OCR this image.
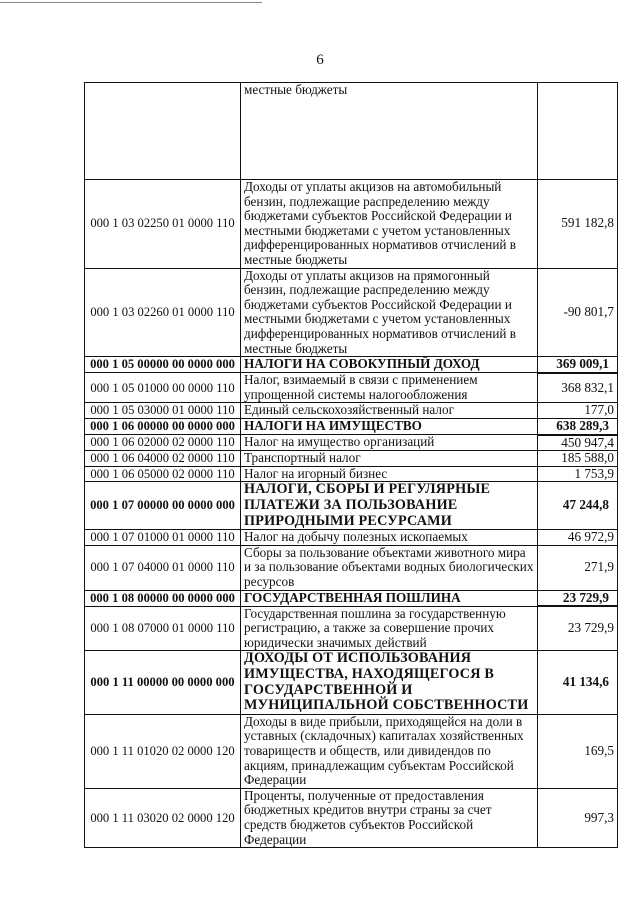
6
	местные бюджеты	
000 1 03 02250 01 0000 110	Доходы от уплаты акцизов на автомобильный бензин, подлежащие распределению между бюджетами субъектов Российской Федерации и местными бюджетами с учетом установленных дифференцированных нормативов отчислений в местные бюджеты	591 182,8
000 1 03 02260 01 0000 110	Доходы от уплаты акцизов на прямогонный бензин, подлежащие распределению между бюджетами субъектов Российской Федерации и местными бюджетами с учетом установленных дифференцированных нормативов отчислений в местные бюджеты	-90 801,7
000 1 05 00000 00 0000 000	НАЛОГИ НА СОВОКУПНЫЙ ДОХОД	369 009,1
000 1 05 01000 00 0000 110	Налог, взимаемый в связи с применением упрощенной системы налогообложения	368 832,1
000 1 05 03000 01 0000 110	Единый сельскохозяйственный налог	177,0
000 1 06 00000 00 0000 000	НАЛОГИ НА ИМУЩЕСТВО	638 289,3
000 1 06 02000 02 0000 110	Налог на имущество организаций	450 947,4
000 1 06 04000 02 0000 110	Транспортный налог	185 588,0
000 1 06 05000 02 0000 110	Налог на игорный бизнес	1 753,9
000 1 07 00000 00 0000 000	НАЛОГИ, СБОРЫ И РЕГУЛЯРНЫЕ ПЛАТЕЖИ ЗА ПОЛЬЗОВАНИЕ ПРИРОДНЫМИ РЕСУРСАМИ	47 244,8
000 1 07 01000 01 0000 110	Налог на добычу полезных ископаемых	46 972,9
000 1 07 04000 01 0000 110	Сборы за пользование объектами животного мира и за пользование объектами водных биологических ресурсов	271,9
000 1 08 00000 00 0000 000	ГОСУДАРСТВЕННАЯ ПОШЛИНА	23 729,9
000 1 08 07000 01 0000 110	Государственная пошлина за государственную регистрацию, а также за совершение прочих юридически значимых действий	23 729,9
000 1 11 00000 00 0000 000	ДОХОДЫ ОТ ИСПОЛЬЗОВАНИЯ ИМУЩЕСТВА, НАХОДЯЩЕГОСЯ В ГОСУДАРСТВЕННОЙ И МУНИЦИПАЛЬНОЙ СОБСТВЕННОСТИ	41 134,6
000 1 11 01020 02 0000 120	Доходы в виде прибыли, приходящейся на доли в уставных (складочных) капиталах хозяйственных товариществ и обществ, или дивидендов по акциям, принадлежащим субъектам Российской Федерации	169,5
000 1 11 03020 02 0000 120	Проценты, полученные от предоставления бюджетных кредитов внутри страны за счет средств бюджетов субъектов Российской Федерации	997,3
